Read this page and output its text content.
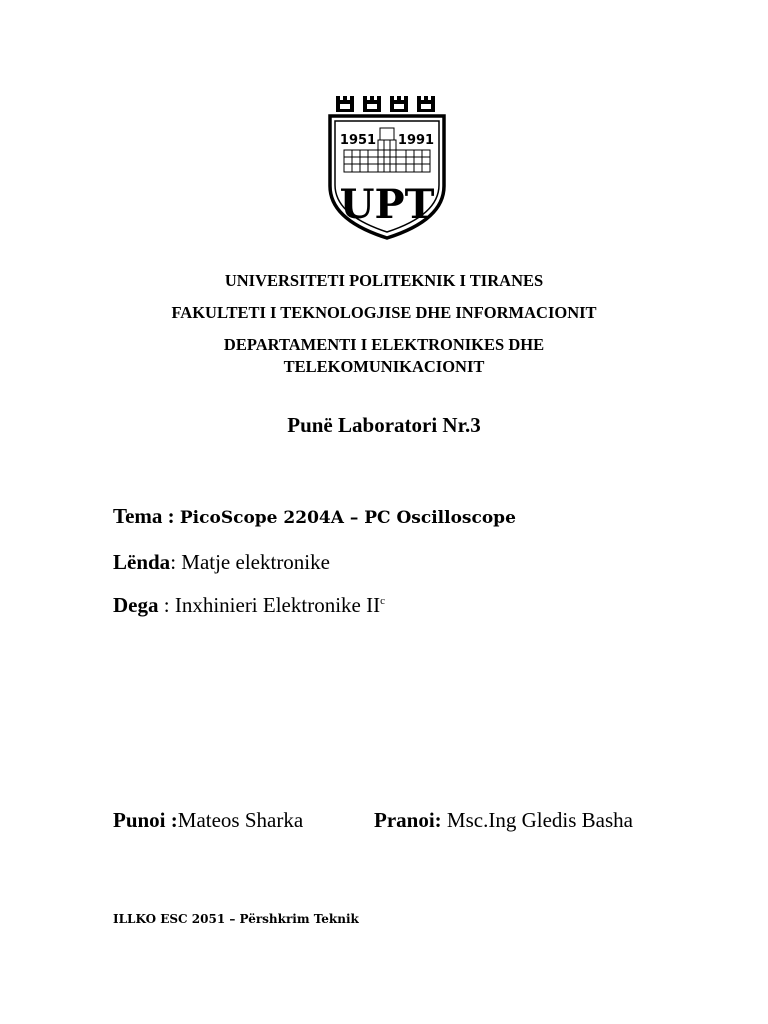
1951 1991
UPT
UNIVERSITETI POLITEKNIK I TIRANES
FAKULTETI I TEKNOLOGJISE DHE INFORMACIONIT
DEPARTAMENTI I ELEKTRONIKES DHE
TELEKOMUNIKACIONIT
Punë Laboratori Nr.3
Tema : PicoScope 2204A – PC Oscilloscope
Lënda: Matje elektronike
Dega : Inxhinieri Elektronike $II^c$
Punoi :Mateos Sharka	Pranoi: Msc.Ing Gledis Basha
ILLKO ESC 2051 – Përshkrim Teknik
